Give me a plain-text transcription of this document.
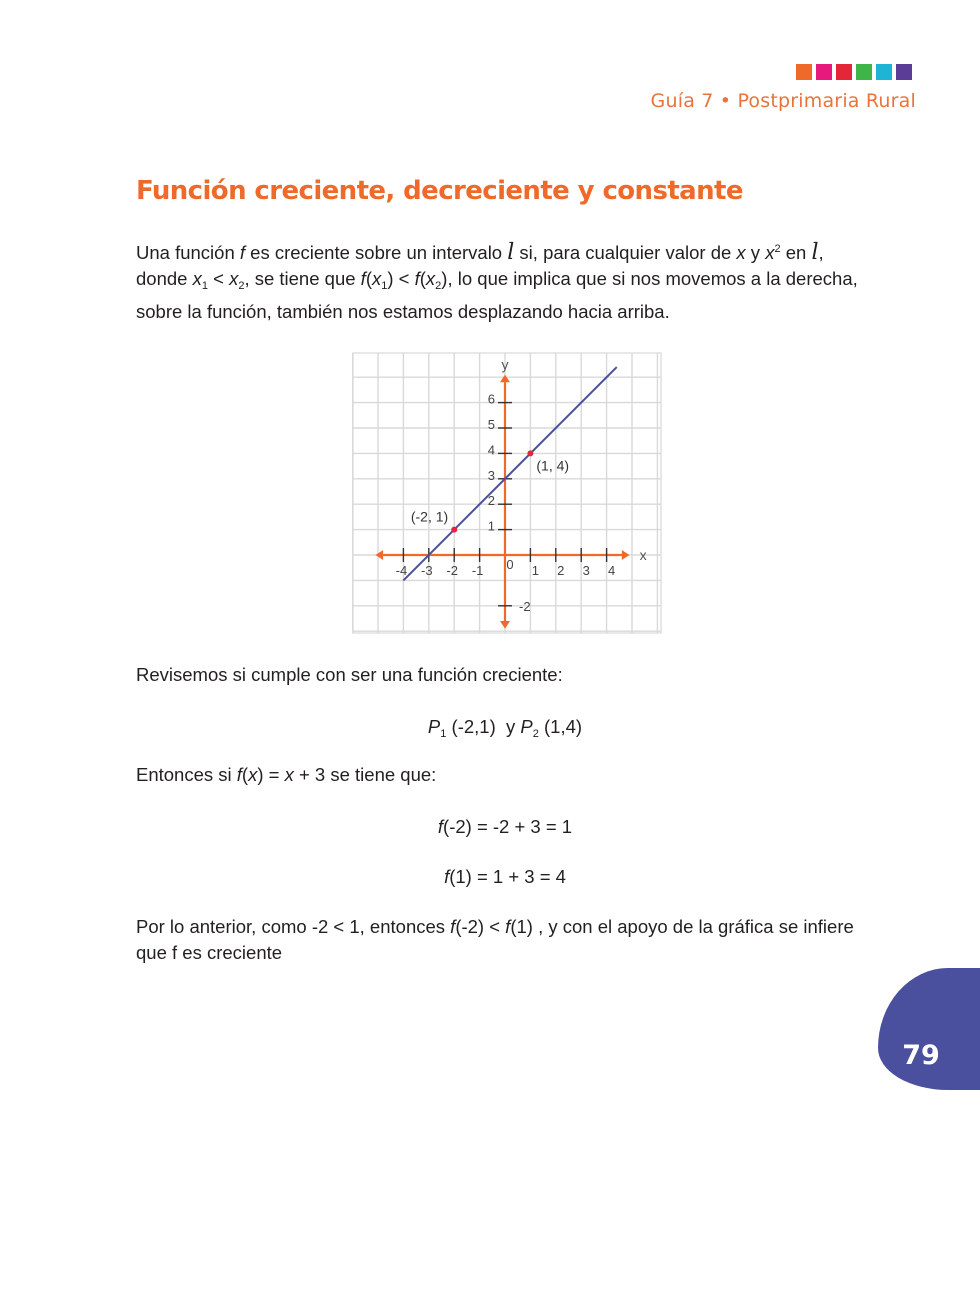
Guía 7 • Postprimaria Rural
Función creciente, decreciente y constante

Una función f es creciente sobre un intervalo l si, para cualquier valor de x y $x^2$ en l,
donde $x_1 < x_2$, se tiene que $f(x_1) < f(x_2)$, lo que implica que si nos movemos a la derecha,
sobre la función, también nos estamos desplazando hacia arriba.

-4 -3 -2 -1 0 1 2 3 4
1
2
3
4
5
6
-2
x
y
(-2, 1)
(1, 4)

Revisemos si cumple con ser una función creciente:

$P_1$ (-2,1)  y $P_2$ (1,4)

Entonces si f(x) = x + 3 se tiene que:

f(-2) = -2 + 3 = 1
f(1) = 1 + 3 = 4

Por lo anterior, como -2 < 1, entonces f(-2) < f(1) , y con el apoyo de la gráfica se infiere
que f es creciente

79
